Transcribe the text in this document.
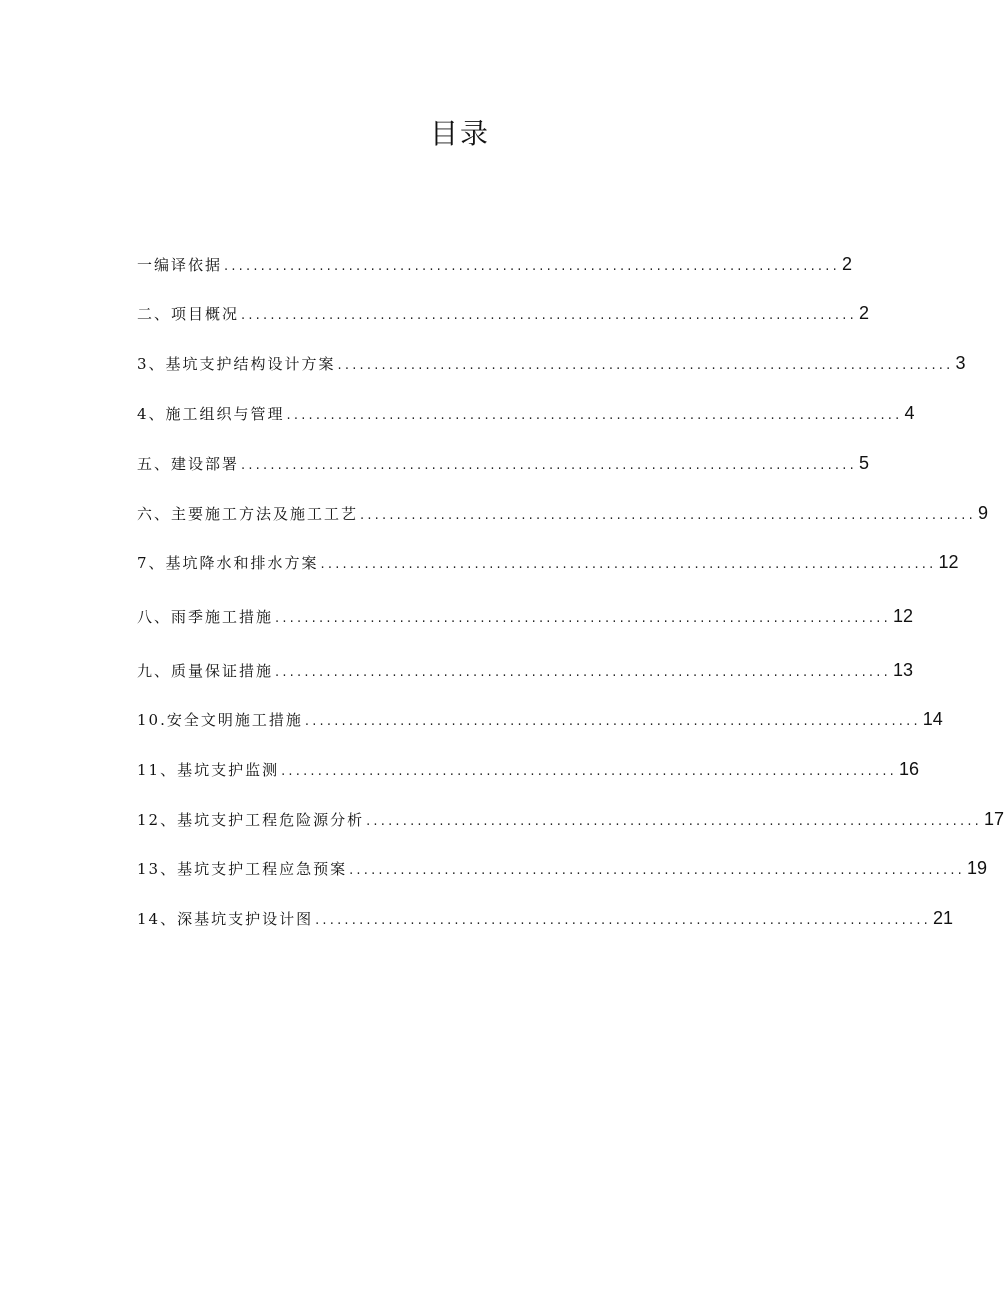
目录
一编译依据 .................................................................................... 2
二、项目概况 .................................................................................... 2
3、基坑支护结构设计方案 .................................................................................... 3
4、施工组织与管理 .................................................................................... 4
五、建设部署 .................................................................................... 5
六、主要施工方法及施工工艺 .................................................................................... 9
7、基坑降水和排水方案 .................................................................................... 12
八、雨季施工措施 .................................................................................... 12
九、质量保证措施 .................................................................................... 13
10.安全文明施工措施 .................................................................................... 14
11、基坑支护监测 .................................................................................... 16
12、基坑支护工程危险源分析 .................................................................................... 17
13、基坑支护工程应急预案 .................................................................................... 19
14、深基坑支护设计图 .................................................................................... 21
